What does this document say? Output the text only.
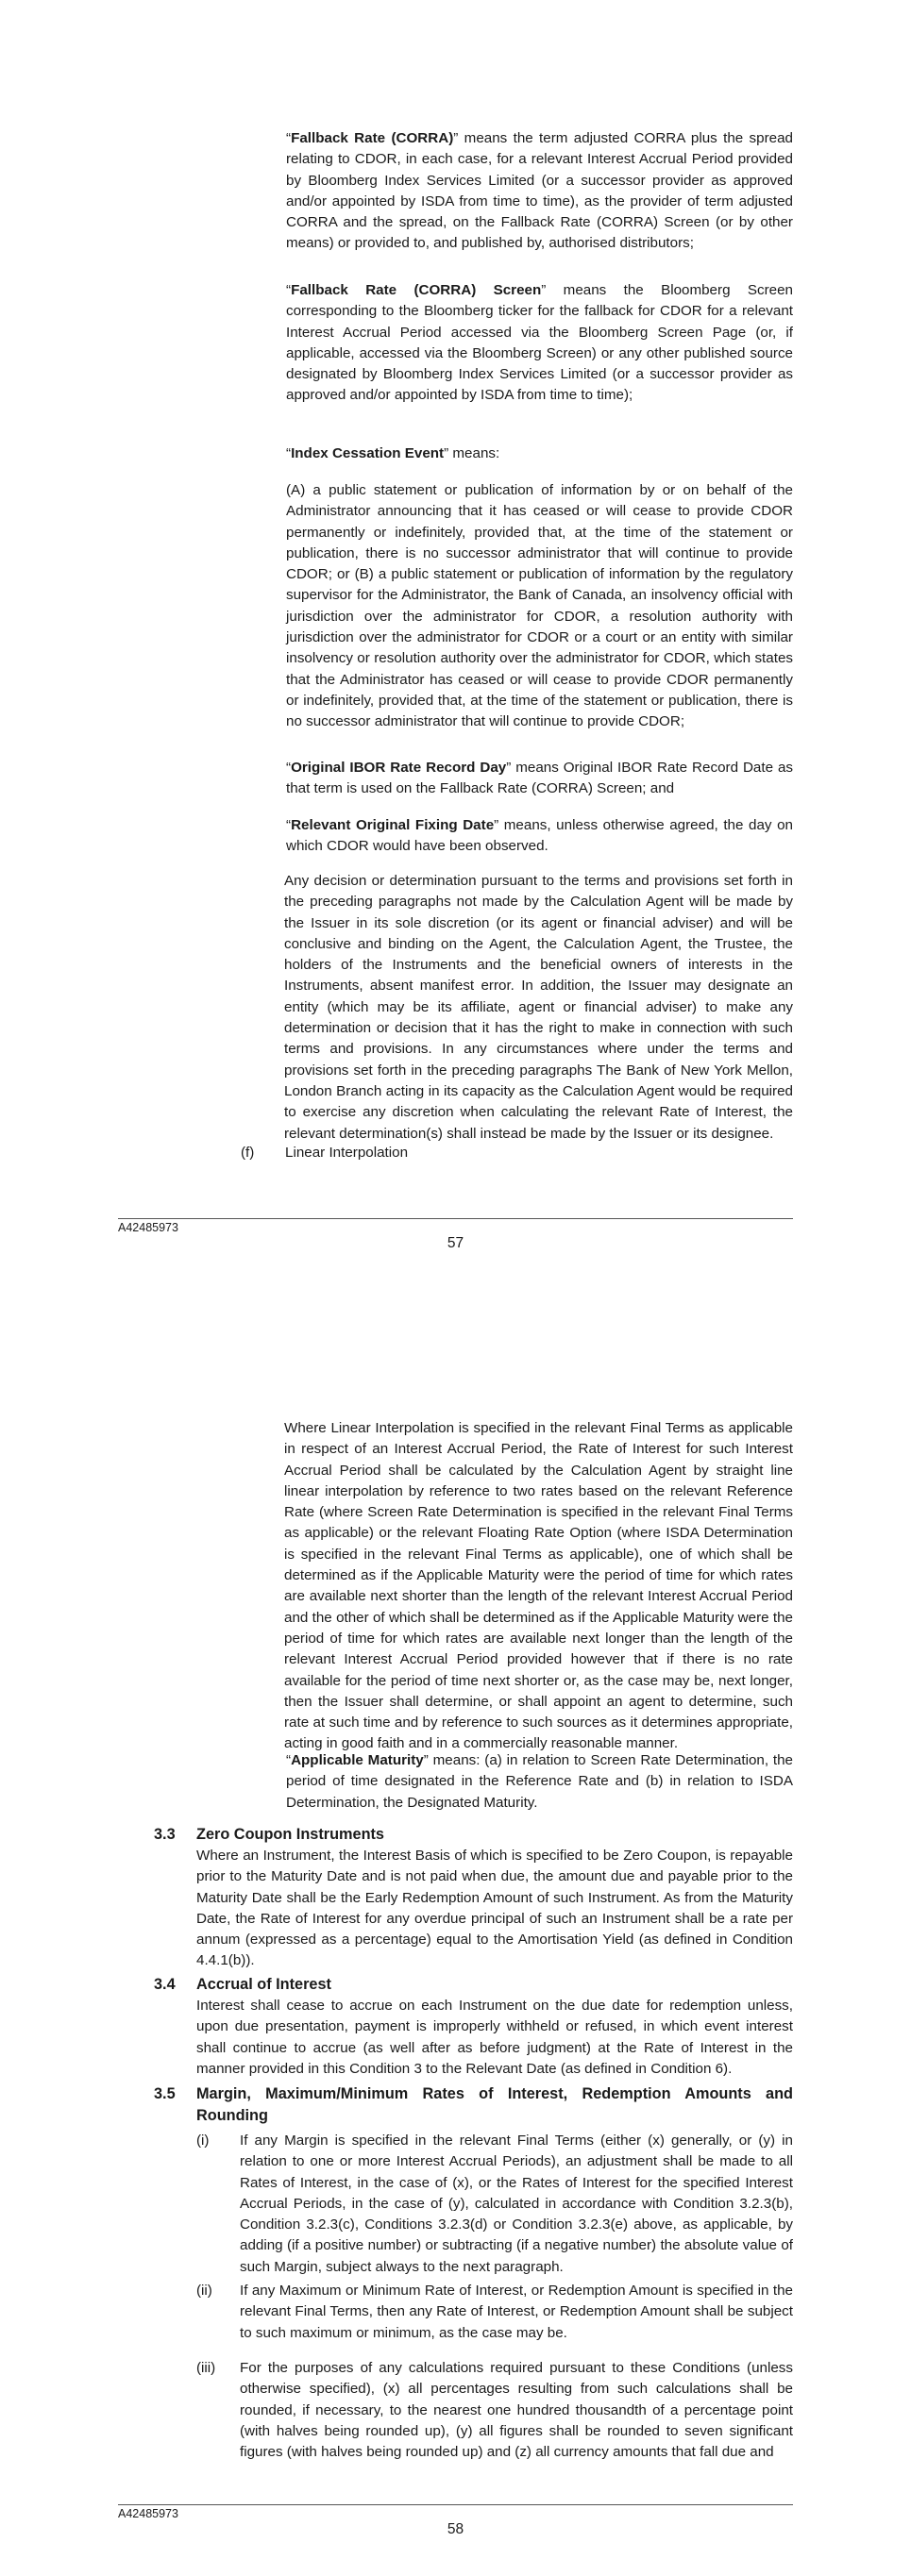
“Fallback Rate (CORRA)” means the term adjusted CORRA plus the spread relating to CDOR, in each case, for a relevant Interest Accrual Period provided by Bloomberg Index Services Limited (or a successor provider as approved and/or appointed by ISDA from time to time), as the provider of term adjusted CORRA and the spread, on the Fallback Rate (CORRA) Screen (or by other means) or provided to, and published by, authorised distributors;

“Fallback Rate (CORRA) Screen” means the Bloomberg Screen corresponding to the Bloomberg ticker for the fallback for CDOR for a relevant Interest Accrual Period accessed via the Bloomberg Screen Page (or, if applicable, accessed via the Bloomberg Screen) or any other published source designated by Bloomberg Index Services Limited (or a successor provider as approved and/or appointed by ISDA from time to time);

“Index Cessation Event” means:

(A) a public statement or publication of information by or on behalf of the Administrator announcing that it has ceased or will cease to provide CDOR permanently or indefinitely, provided that, at the time of the statement or publication, there is no successor administrator that will continue to provide CDOR; or (B) a public statement or publication of information by the regulatory supervisor for the Administrator, the Bank of Canada, an insolvency official with jurisdiction over the administrator for CDOR, a resolution authority with jurisdiction over the administrator for CDOR or a court or an entity with similar insolvency or resolution authority over the administrator for CDOR, which states that the Administrator has ceased or will cease to provide CDOR permanently or indefinitely, provided that, at the time of the statement or publication, there is no successor administrator that will continue to provide CDOR;

“Original IBOR Rate Record Day” means Original IBOR Rate Record Date as that term is used on the Fallback Rate (CORRA) Screen; and

“Relevant Original Fixing Date” means, unless otherwise agreed, the day on which CDOR would have been observed.

Any decision or determination pursuant to the terms and provisions set forth in the preceding paragraphs not made by the Calculation Agent will be made by the Issuer in its sole discretion (or its agent or financial adviser) and will be conclusive and binding on the Agent, the Calculation Agent, the Trustee, the holders of the Instruments and the beneficial owners of interests in the Instruments, absent manifest error. In addition, the Issuer may designate an entity (which may be its affiliate, agent or financial adviser) to make any determination or decision that it has the right to make in connection with such terms and provisions. In any circumstances where under the terms and provisions set forth in the preceding paragraphs The Bank of New York Mellon, London Branch acting in its capacity as the Calculation Agent would be required to exercise any discretion when calculating the relevant Rate of Interest, the relevant determination(s) shall instead be made by the Issuer or its designee.

(f) Linear Interpolation
A42485973
57

Where Linear Interpolation is specified in the relevant Final Terms as applicable in respect of an Interest Accrual Period, the Rate of Interest for such Interest Accrual Period shall be calculated by the Calculation Agent by straight line linear interpolation by reference to two rates based on the relevant Reference Rate (where Screen Rate Determination is specified in the relevant Final Terms as applicable) or the relevant Floating Rate Option (where ISDA Determination is specified in the relevant Final Terms as applicable), one of which shall be determined as if the Applicable Maturity were the period of time for which rates are available next shorter than the length of the relevant Interest Accrual Period and the other of which shall be determined as if the Applicable Maturity were the period of time for which rates are available next longer than the length of the relevant Interest Accrual Period provided however that if there is no rate available for the period of time next shorter or, as the case may be, next longer, then the Issuer shall determine, or shall appoint an agent to determine, such rate at such time and by reference to such sources as it determines appropriate, acting in good faith and in a commercially reasonable manner.

“Applicable Maturity” means: (a) in relation to Screen Rate Determination, the period of time designated in the Reference Rate and (b) in relation to ISDA Determination, the Designated Maturity.

3.3 Zero Coupon Instruments

Where an Instrument, the Interest Basis of which is specified to be Zero Coupon, is repayable prior to the Maturity Date and is not paid when due, the amount due and payable prior to the Maturity Date shall be the Early Redemption Amount of such Instrument. As from the Maturity Date, the Rate of Interest for any overdue principal of such an Instrument shall be a rate per annum (expressed as a percentage) equal to the Amortisation Yield (as defined in Condition 4.4.1(b)).

3.4 Accrual of Interest

Interest shall cease to accrue on each Instrument on the due date for redemption unless, upon due presentation, payment is improperly withheld or refused, in which event interest shall continue to accrue (as well after as before judgment) at the Rate of Interest in the manner provided in this Condition 3 to the Relevant Date (as defined in Condition 6).

3.5 Margin, Maximum/Minimum Rates of Interest, Redemption Amounts and Rounding
(i) If any Margin is specified in the relevant Final Terms (either (x) generally, or (y) in relation to one or more Interest Accrual Periods), an adjustment shall be made to all Rates of Interest, in the case of (x), or the Rates of Interest for the specified Interest Accrual Periods, in the case of (y), calculated in accordance with Condition 3.2.3(b), Condition 3.2.3(c), Conditions 3.2.3(d) or Condition 3.2.3(e) above, as applicable, by adding (if a positive number) or subtracting (if a negative number) the absolute value of such Margin, subject always to the next paragraph.

(ii) If any Maximum or Minimum Rate of Interest, or Redemption Amount is specified in the relevant Final Terms, then any Rate of Interest, or Redemption Amount shall be subject to such maximum or minimum, as the case may be.

(iii) For the purposes of any calculations required pursuant to these Conditions (unless otherwise specified), (x) all percentages resulting from such calculations shall be rounded, if necessary, to the nearest one hundred thousandth of a percentage point (with halves being rounded up), (y) all figures shall be rounded to seven significant figures (with halves being rounded up) and (z) all currency amounts that fall due and

A42485973
58
